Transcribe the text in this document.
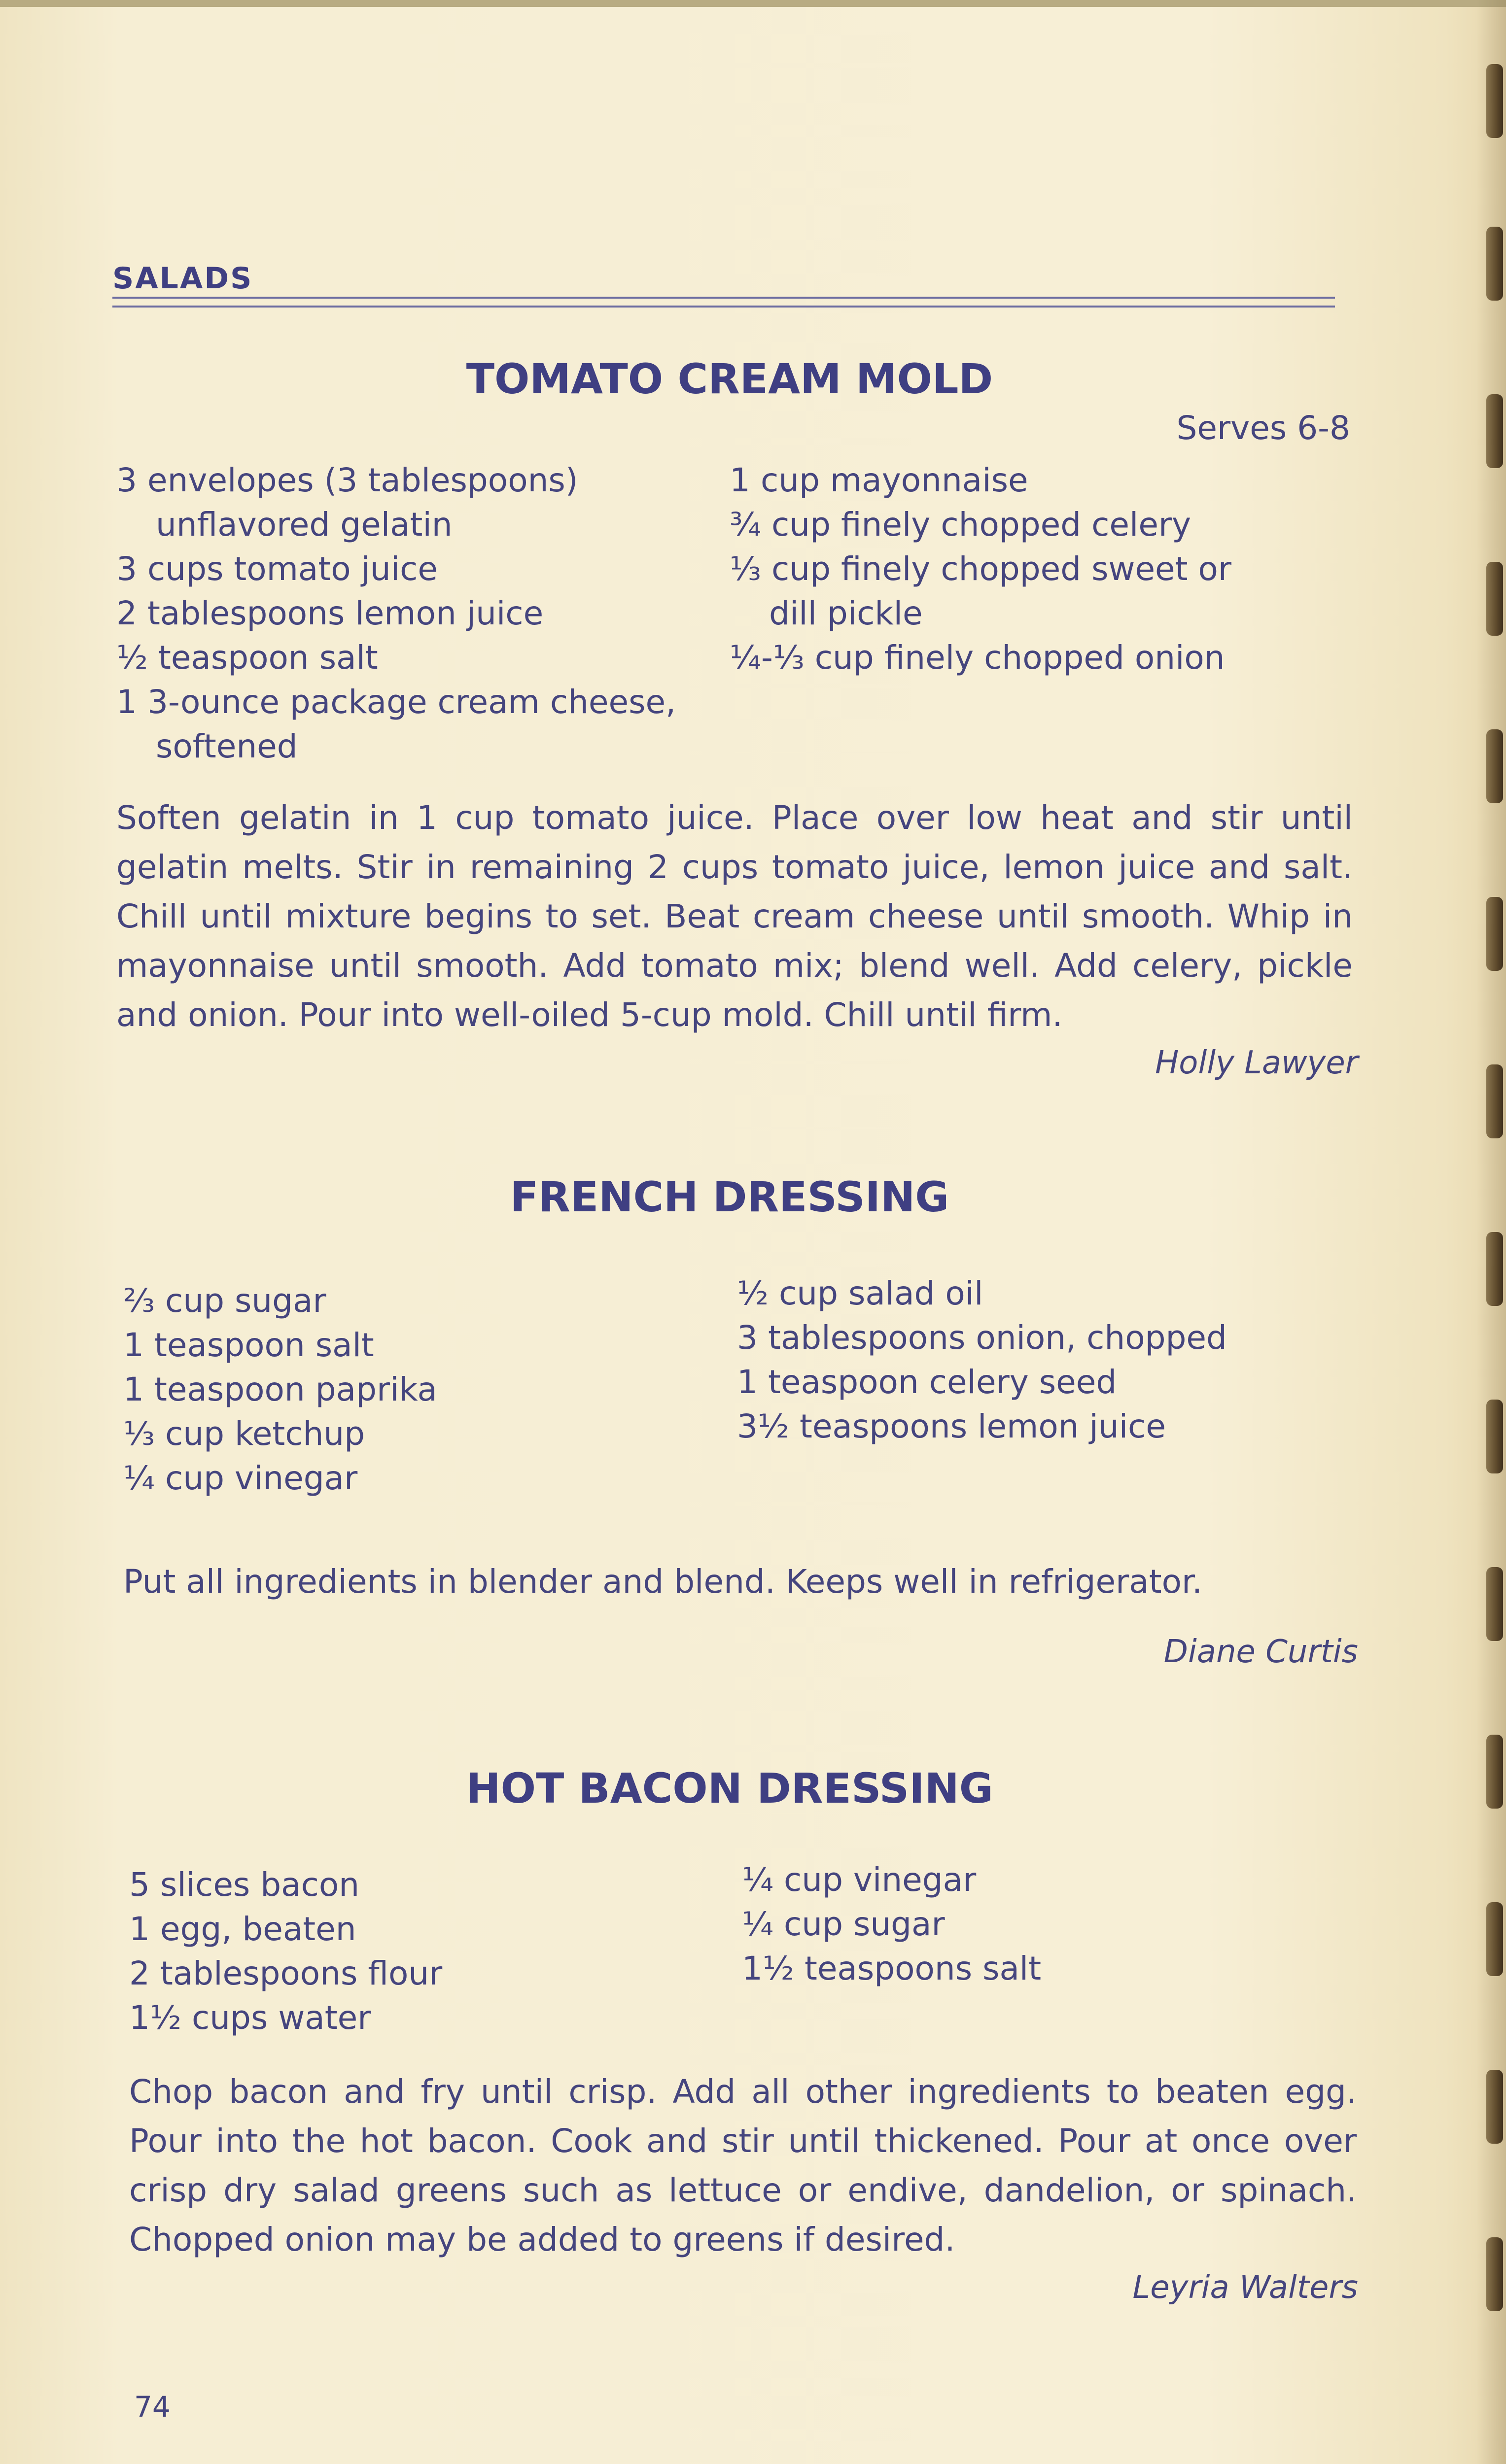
SALADS
TOMATO CREAM MOLD
Serves 6-8
3 envelopes (3 tablespoons)
unflavored gelatin
3 cups tomato juice
2 tablespoons lemon juice
½ teaspoon salt
1 3-ounce package cream cheese,
softened
1 cup mayonnaise
¾ cup finely chopped celery
⅓ cup finely chopped sweet or
dill pickle
¼-⅓ cup finely chopped onion
Soften gelatin in 1 cup tomato juice. Place over low heat and stir until gelatin melts. Stir in remaining 2 cups tomato juice, lemon juice and salt. Chill until mixture begins to set. Beat cream cheese until smooth. Whip in mayonnaise until smooth. Add tomato mix; blend well. Add celery, pickle and onion. Pour into well-oiled 5-cup mold. Chill until firm.
Holly Lawyer
FRENCH DRESSING
⅔ cup sugar
1 teaspoon salt
1 teaspoon paprika
⅓ cup ketchup
¼ cup vinegar
½ cup salad oil
3 tablespoons onion, chopped
1 teaspoon celery seed
3½ teaspoons lemon juice
Put all ingredients in blender and blend. Keeps well in refrigerator.
Diane Curtis
HOT BACON DRESSING
5 slices bacon
1 egg, beaten
2 tablespoons flour
1½ cups water
¼ cup vinegar
¼ cup sugar
1½ teaspoons salt
Chop bacon and fry until crisp. Add all other ingredients to beaten egg. Pour into the hot bacon. Cook and stir until thickened. Pour at once over crisp dry salad greens such as lettuce or endive, dandelion, or spinach. Chopped onion may be added to greens if desired.
Leyria Walters
74
